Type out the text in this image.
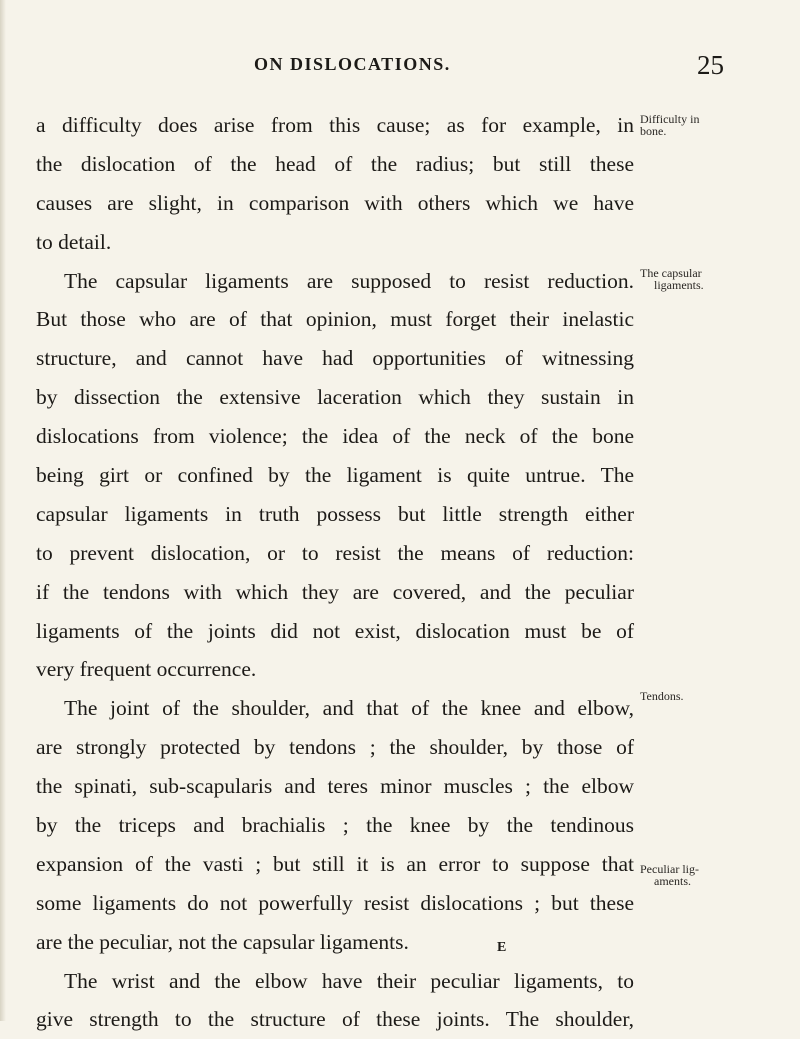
ON DISLOCATIONS.	25
a difficulty does arise from this cause; as for example, in
the dislocation of the head of the radius; but still these
causes are slight, in comparison with others which we have
to detail.
The capsular ligaments are supposed to resist reduction.
But those who are of that opinion, must forget their inelastic
structure, and cannot have had opportunities of witnessing
by dissection the extensive laceration which they sustain in
dislocations from violence; the idea of the neck of the bone
being girt or confined by the ligament is quite untrue. The
capsular ligaments in truth possess but little strength either
to prevent dislocation, or to resist the means of reduction:
if the tendons with which they are covered, and the peculiar
ligaments of the joints did not exist, dislocation must be of
very frequent occurrence.
The joint of the shoulder, and that of the knee and elbow,
are strongly protected by tendons ; the shoulder, by those of
the spinati, sub-scapularis and teres minor muscles ; the elbow
by the triceps and brachialis ; the knee by the tendinous
expansion of the vasti ; but still it is an error to suppose that
some ligaments do not powerfully resist dislocations ; but these
are the peculiar, not the capsular ligaments.
The wrist and the elbow have their peculiar ligaments, to
give strength to the structure of these joints. The shoulder,
Difficulty in
bone.
The capsular
ligaments.
Tendons.
Peculiar lig-
aments.
E
